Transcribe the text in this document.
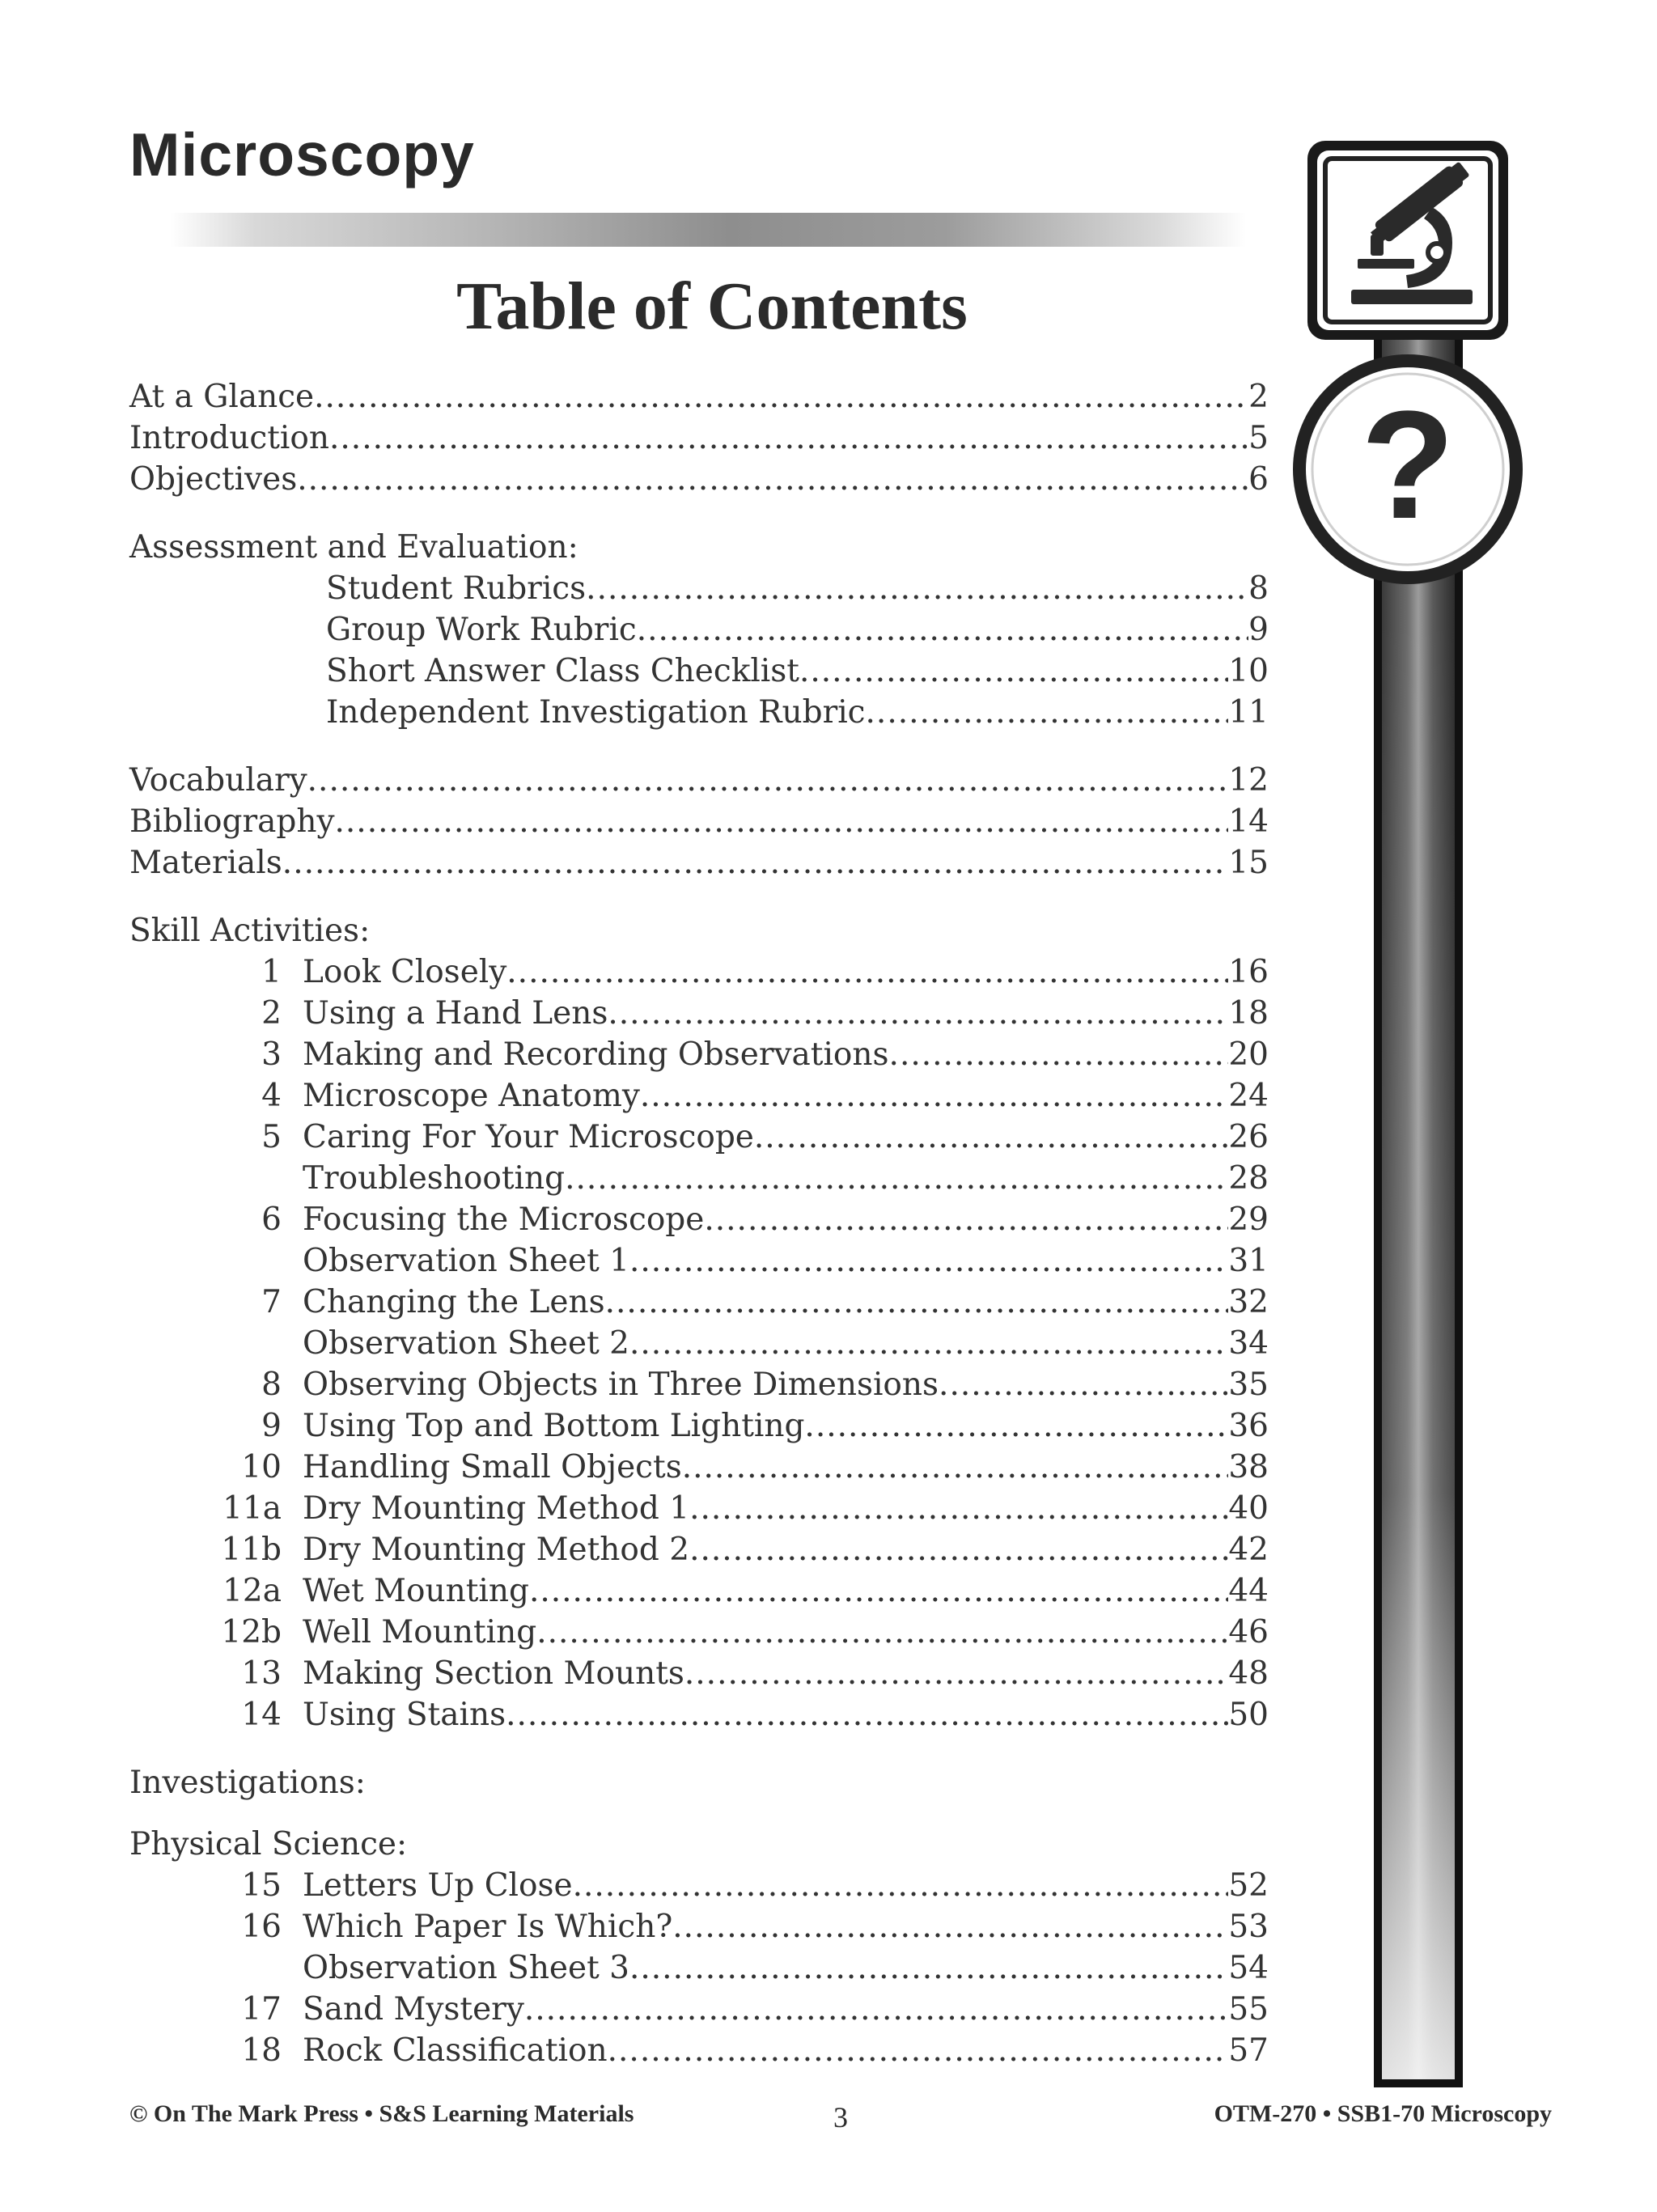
Microscopy
Table of Contents
At a Glance .....	2
Introduction .....	5
Objectives .....	6
Assessment and Evaluation:
Student Rubrics .....	8
Group Work Rubric .....	9
Short Answer Class Checklist .....	10
Independent Investigation Rubric .....	11
Vocabulary .....	12
Bibliography .....	14
Materials .....	15
Skill Activities:
1 Look Closely .....	16
2 Using a Hand Lens .....	18
3 Making and Recording Observations .....	20
4 Microscope Anatomy .....	24
5 Caring For Your Microscope .....	26
Troubleshooting .....	28
6 Focusing the Microscope .....	29
Observation Sheet 1 .....	31
7 Changing the Lens .....	32
Observation Sheet 2 .....	34
8 Observing Objects in Three Dimensions .....	35
9 Using Top and Bottom Lighting .....	36
10 Handling Small Objects .....	38
11a Dry Mounting Method 1 .....	40
11b Dry Mounting Method 2 .....	42
12a Wet Mounting .....	44
12b Well Mounting .....	46
13 Making Section Mounts .....	48
14 Using Stains .....	50
Investigations:
Physical Science:
15 Letters Up Close .....	52
16 Which Paper Is Which? .....	53
Observation Sheet 3 .....	54
17 Sand Mystery .....	55
18 Rock Classification .....	57
?
© On The Mark Press • S&S Learning Materials	3	OTM-270 • SSB1-70 Microscopy
